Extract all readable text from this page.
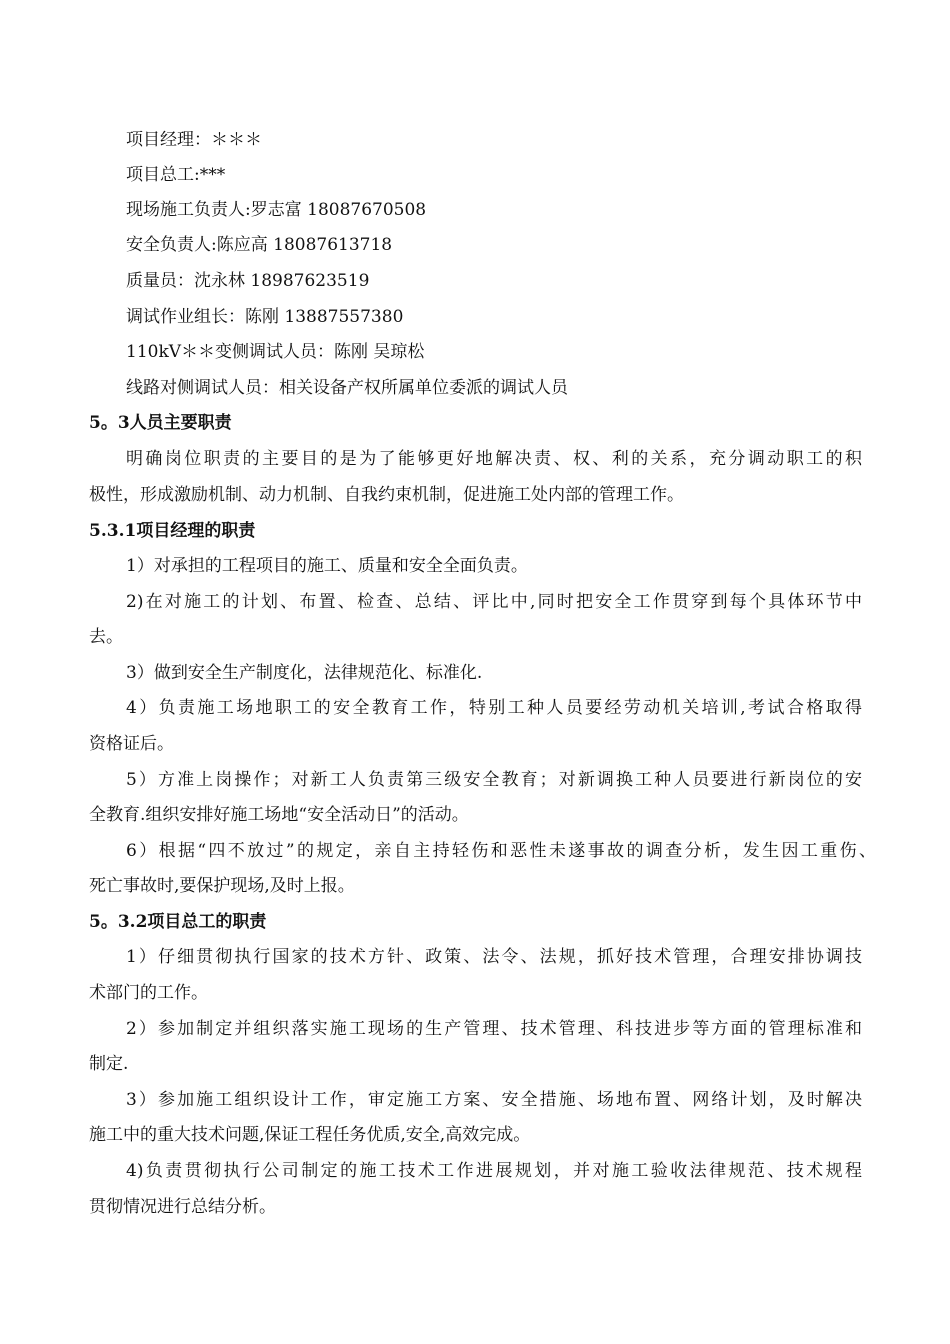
项目经理：＊＊＊
项目总工:***
现场施工负责人:罗志富 18087670508
安全负责人:陈应高 18087613718
质量员：沈永林 18987623519
调试作业组长：陈刚 13887557380
110kV＊＊变侧调试人员：陈刚 吴琼松
线路对侧调试人员：相关设备产权所属单位委派的调试人员
5。3人员主要职责
明确岗位职责的主要目的是为了能够更好地解决责、权、利的关系，充分调动职工的积
极性，形成激励机制、动力机制、自我约束机制，促进施工处内部的管理工作。
5.3.1项目经理的职责
1）对承担的工程项目的施工、质量和安全全面负责。
2)在对施工的计划、布置、检查、总结、评比中,同时把安全工作贯穿到每个具体环节中
去。
3）做到安全生产制度化，法律规范化、标准化.
4）负责施工场地职工的安全教育工作，特别工种人员要经劳动机关培训,考试合格取得
资格证后。
5）方准上岗操作；对新工人负责第三级安全教育；对新调换工种人员要进行新岗位的安
全教育.组织安排好施工场地“安全活动日”的活动。
6）根据“四不放过”的规定，亲自主持轻伤和恶性未遂事故的调查分析，发生因工重伤、
死亡事故时,要保护现场,及时上报。
5。3.2项目总工的职责
1）仔细贯彻执行国家的技术方针、政策、法令、法规，抓好技术管理，合理安排协调技
术部门的工作。
2）参加制定并组织落实施工现场的生产管理、技术管理、科技进步等方面的管理标准和
制定.
3）参加施工组织设计工作，审定施工方案、安全措施、场地布置、网络计划，及时解决
施工中的重大技术问题,保证工程任务优质,安全,高效完成。
4)负责贯彻执行公司制定的施工技术工作进展规划，并对施工验收法律规范、技术规程
贯彻情况进行总结分析。
